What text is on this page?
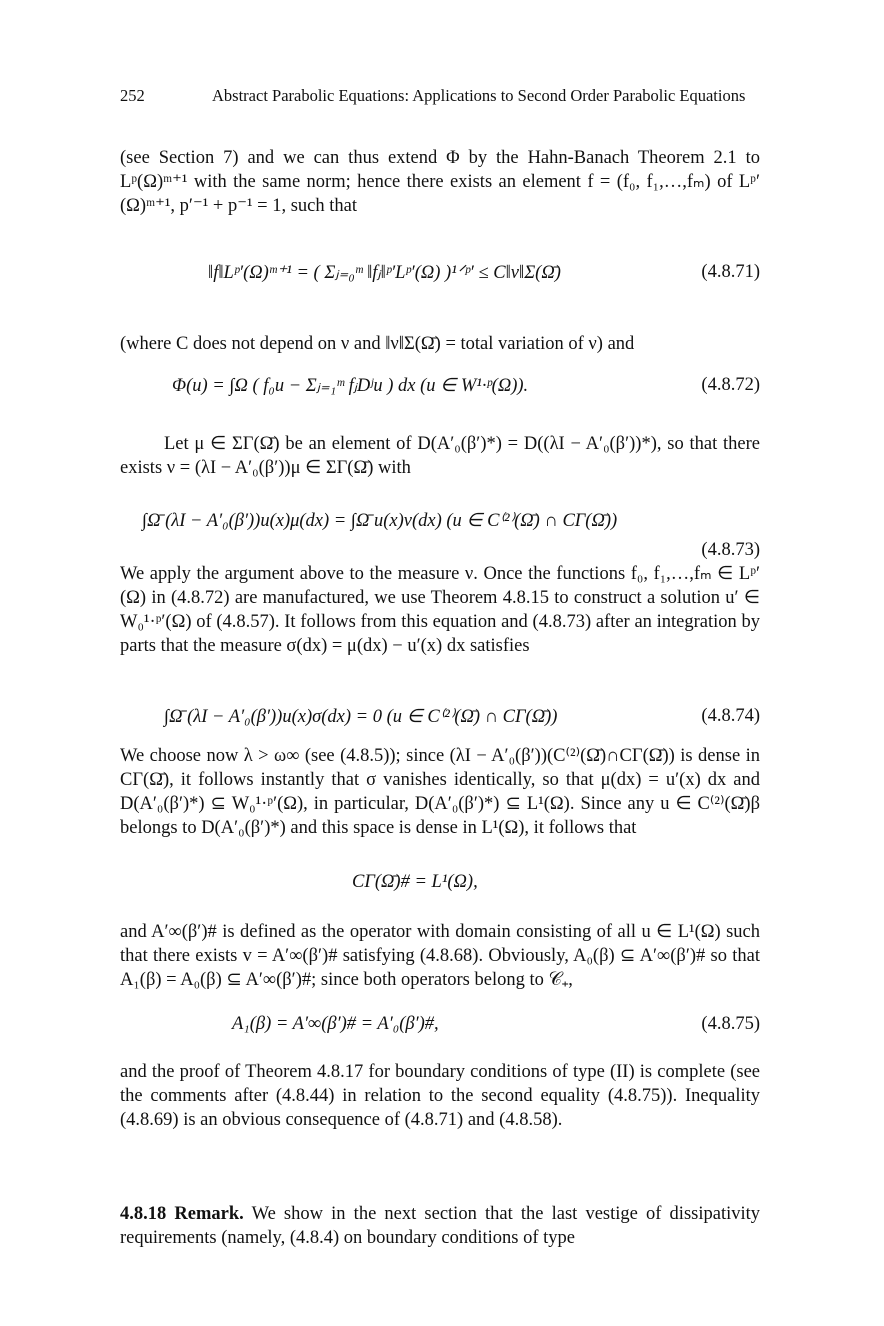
252	Abstract Parabolic Equations: Applications to Second Order Parabolic Equations
(see Section 7) and we can thus extend Φ by the Hahn-Banach Theorem 2.1 to Lᵖ(Ω)ᵐ⁺¹ with the same norm; hence there exists an element f = (f₀, f₁,…,fₘ) of Lᵖ′(Ω)ᵐ⁺¹, p′⁻¹ + p⁻¹ = 1, such that
‖f‖Lᵖ′(Ω)ᵐ⁺¹ = ( Σⱼ₌₀ᵐ ‖fⱼ‖ᵖ′Lᵖ′(Ω) )¹ᐟᵖ′ ≤ C‖ν‖Σ(Ω̄)	(4.8.71)
(where C does not depend on ν and ‖ν‖Σ(Ω̄) = total variation of ν) and
Φ(u) = ∫Ω ( f₀u − Σⱼ₌₁ᵐ fⱼDʲu ) dx (u ∈ W¹·ᵖ(Ω)).	(4.8.72)
Let μ ∈ ΣΓ(Ω̄) be an element of D(A′₀(β′)*) = D((λI − A′₀(β′))*), so that there exists ν = (λI − A′₀(β′))μ ∈ ΣΓ(Ω̄) with
∫Ω̄ (λI − A′₀(β′))u(x)μ(dx) = ∫Ω̄ u(x)ν(dx) (u ∈ C⁽²⁾(Ω̄) ∩ CΓ(Ω̄))
(4.8.73)
We apply the argument above to the measure ν. Once the functions f₀, f₁,…,fₘ ∈ Lᵖ′(Ω) in (4.8.72) are manufactured, we use Theorem 4.8.15 to construct a solution u′ ∈ W₀¹·ᵖ′(Ω) of (4.8.57). It follows from this equation and (4.8.73) after an integration by parts that the measure σ(dx) = μ(dx) − u′(x) dx satisfies
∫Ω̄ (λI − A′₀(β′))u(x)σ(dx) = 0 (u ∈ C⁽²⁾(Ω̄) ∩ CΓ(Ω̄))	(4.8.74)
We choose now λ > ω∞ (see (4.8.5)); since (λI − A′₀(β′))(C⁽²⁾(Ω̄)∩CΓ(Ω̄)) is dense in CΓ(Ω̄), it follows instantly that σ vanishes identically, so that μ(dx) = u′(x) dx and D(A′₀(β′)*) ⊆ W₀¹·ᵖ′(Ω), in particular, D(A′₀(β′)*) ⊆ L¹(Ω). Since any u ∈ C⁽²⁾(Ω̄)β belongs to D(A′₀(β′)*) and this space is dense in L¹(Ω), it follows that
CΓ(Ω̄)# = L¹(Ω),
and A′∞(β′)# is defined as the operator with domain consisting of all u ∈ L¹(Ω) such that there exists v = A′∞(β′)# satisfying (4.8.68). Obviously, A₀(β) ⊆ A′∞(β′)# so that A₁(β) = A₀(β) ⊆ A′∞(β′)#; since both operators belong to 𝒞₊,
A₁(β) = A′∞(β′)# = A′₀(β′)#,	(4.8.75)
and the proof of Theorem 4.8.17 for boundary conditions of type (II) is complete (see the comments after (4.8.44) in relation to the second equality (4.8.75)). Inequality (4.8.69) is an obvious consequence of (4.8.71) and (4.8.58).
4.8.18 Remark. We show in the next section that the last vestige of dissipativity requirements (namely, (4.8.4) on boundary conditions of type
